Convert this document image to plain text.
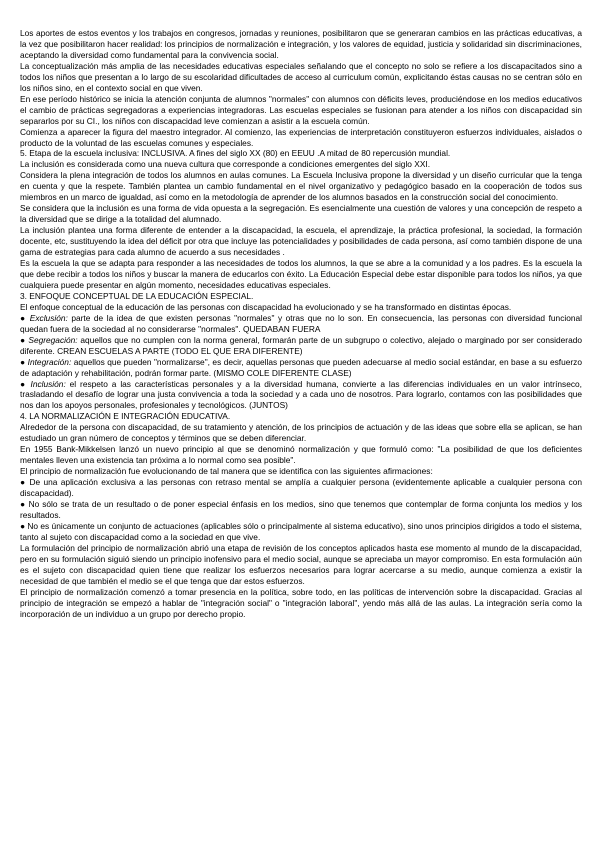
Los aportes de estos eventos y los trabajos en congresos, jornadas y reuniones, posibilitaron que se generaran cambios en las prácticas educativas, a la vez que posibilitaron hacer realidad: los principios de normalización e integración, y los valores de equidad, justicia y solidaridad sin discriminaciones, aceptando la diversidad como fundamental para la convivencia social.

La conceptualización más amplia de las necesidades educativas especiales señalando que el concepto no solo se refiere a los discapacitados sino a todos los niños que presentan a lo largo de su escolaridad dificultades de acceso al curriculum común, explicitando éstas causas no se centran sólo en los niños sino, en el contexto social en que viven.

En ese período histórico se inicia la atención conjunta de alumnos "normales" con alumnos con déficits leves, produciéndose en los medios educativos el cambio de prácticas segregadoras a experiencias integradoras. Las escuelas especiales se fusionan para atender a los niños con discapacidad sin separarlos por su CI., los niños con discapacidad leve comienzan a asistir a la escuela común.

Comienza a aparecer la figura del maestro integrador. Al comienzo, las experiencias de interpretación constituyeron esfuerzos individuales, aislados o producto de la voluntad de las escuelas comunes y especiales.

5. Etapa de la escuela inclusiva: INCLUSIVA. A fines del siglo XX (80) en EEUU .A mitad de 80 repercusión mundial.

La inclusión es considerada como una nueva cultura que corresponde a condiciones emergentes del siglo XXI.

Considera la plena integración de todos los alumnos en aulas comunes. La Escuela Inclusiva propone la diversidad y un diseño curricular que la tenga en cuenta y que la respete. También plantea un cambio fundamental en el nivel organizativo y pedagógico basado en la cooperación de todos sus miembros en un marco de igualdad, así como en la metodología de aprender de los alumnos basados en la construcción social del conocimiento.

Se considera que la inclusión es una forma de vida opuesta a la segregación. Es esencialmente una cuestión de valores y una concepción de respeto a la diversidad que se dirige a la totalidad del alumnado.

La inclusión plantea una forma diferente de entender a la discapacidad, la escuela, el aprendizaje, la práctica profesional, la sociedad, la formación docente, etc, sustituyendo la idea del déficit por otra que incluye las potencialidades y posibilidades de cada persona, así como también dispone de una gama de estrategias para cada alumno de acuerdo a sus necesidades .

Es la escuela la que se adapta para responder a las necesidades de todos los alumnos, la que se abre a la comunidad y a los padres. Es la escuela la que debe recibir a todos los niños y buscar la manera de educarlos con éxito. La Educación Especial debe estar disponible para todos los niños, ya que cualquiera puede presentar en algún momento, necesidades educativas especiales.

3. ENFOQUE CONCEPTUAL DE LA EDUCACIÓN ESPECIAL.

El enfoque conceptual de la educación de las personas con discapacidad ha evolucionado y se ha transformado en distintas épocas.

● Exclusión: parte de la idea de que existen personas "normales" y otras que no lo son. En consecuencia, las personas con diversidad funcional quedan fuera de la sociedad al no considerarse "normales". QUEDABAN FUERA

● Segregación: aquellos que no cumplen con la norma general, formarán parte de un subgrupo o colectivo, alejado o marginado por ser considerado diferente. CREAN ESCUELAS A PARTE (TODO EL QUE ERA DIFERENTE)

● Integración: aquellos que pueden "normalizarse", es decir, aquellas personas que pueden adecuarse al medio social estándar, en base a su esfuerzo de adaptación y rehabilitación, podrán formar parte. (MISMO COLE DIFERENTE CLASE)

● Inclusión: el respeto a las características personales y a la diversidad humana, convierte a las diferencias individuales en un valor intrínseco, trasladando el desafío de lograr una justa convivencia a toda la sociedad y a cada uno de nosotros. Para lograrlo, contamos con las posibilidades que nos dan los apoyos personales, profesionales y tecnológicos. (JUNTOS)

4. LA NORMALIZACIÓN E INTEGRACIÓN EDUCATIVA.

Alrededor de la persona con discapacidad, de su tratamiento y atención, de los principios de actuación y de las ideas que sobre ella se aplican, se han estudiado un gran número de conceptos y términos que se deben diferenciar.

En 1955 Bank-Mikkelsen lanzó un nuevo principio al que se denominó normalización y que formuló como: "La posibilidad de que los deficientes mentales lleven una existencia tan próxima a lo normal como sea posible".

El principio de normalización fue evolucionando de tal manera que se identifica con las siguientes afirmaciones:

● De una aplicación exclusiva a las personas con retraso mental se amplía a cualquier persona (evidentemente aplicable a cualquier persona con discapacidad).

● No sólo se trata de un resultado o de poner especial énfasis en los medios, sino que tenemos que contemplar de forma conjunta los medios y los resultados.

● No es únicamente un conjunto de actuaciones (aplicables sólo o principalmente al sistema educativo), sino unos principios dirigidos a todo el sistema, tanto al sujeto con discapacidad como a la sociedad en que vive.

La formulación del principio de normalización abrió una etapa de revisión de los conceptos aplicados hasta ese momento al mundo de la discapacidad, pero en su formulación siguió siendo un principio inofensivo para el medio social, aunque se apreciaba un mayor compromiso. En esta formulación aún es el sujeto con discapacidad quien tiene que realizar los esfuerzos necesarios para lograr acercarse a su medio, aunque comienza a existir la necesidad de que también el medio se el que tenga que dar estos esfuerzos.

El principio de normalización comenzó a tomar presencia en la política, sobre todo, en las políticas de intervención sobre la discapacidad. Gracias al principio de integración se empezó a hablar de "integración social" o "integración laboral", yendo más allá de las aulas. La integración sería como la incorporación de un individuo a un grupo por derecho propio.
